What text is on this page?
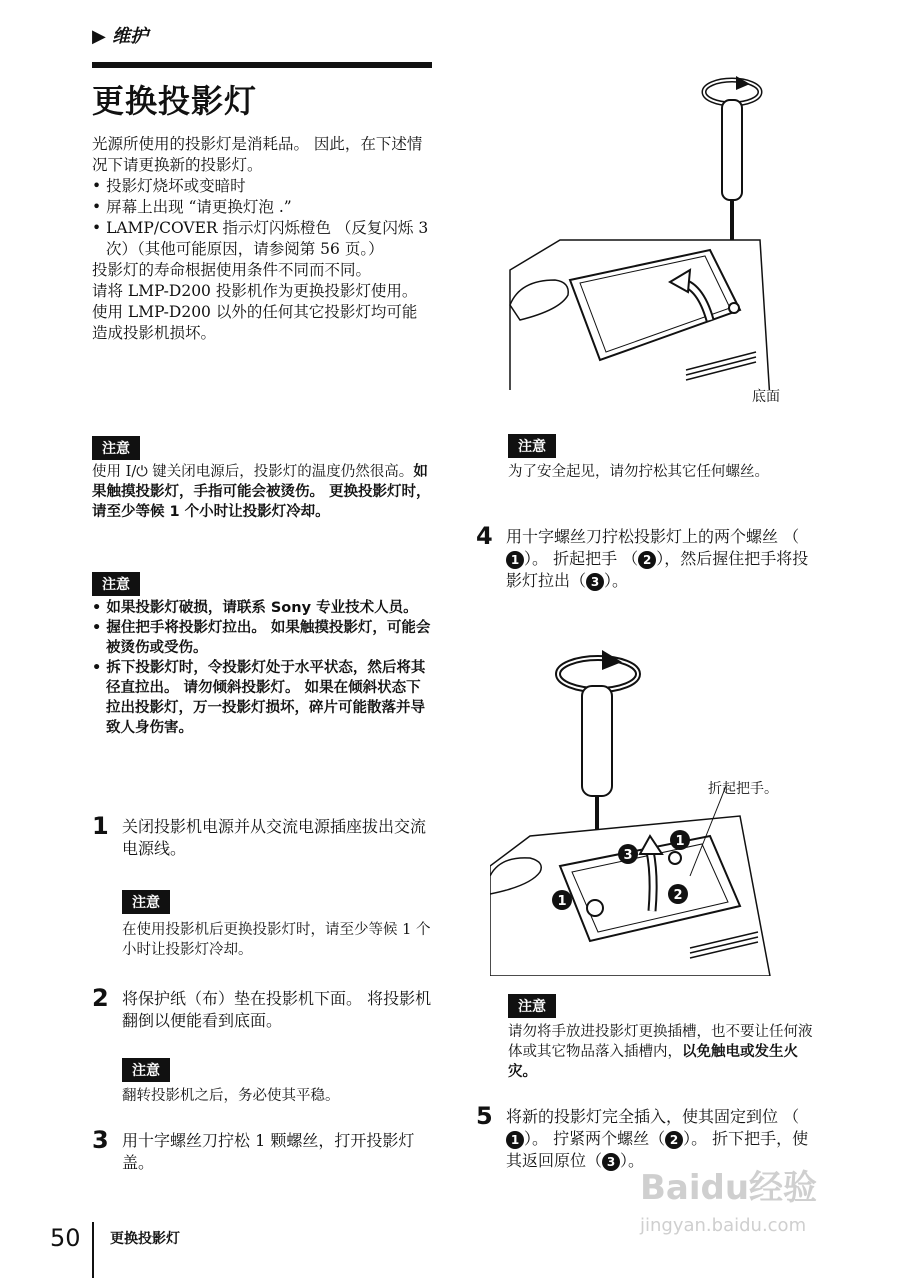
▶ 维护
更换投影灯
光源所使用的投影灯是消耗品。 因此，在下述情况下请更换新的投影灯。
• 投影灯烧坏或变暗时
• 屏幕上出现 “请更换灯泡 .”
• LAMP/COVER 指示灯闪烁橙色 （反复闪烁 3 次）（其他可能原因，请参阅第 56 页。）
投影灯的寿命根据使用条件不同而不同。
请将 LMP-D200 投影机作为更换投影灯使用。
使用 LMP-D200 以外的任何其它投影灯均可能造成投影机损坏。
注意
使用 I/⏻ 键关闭电源后，投影灯的温度仍然很高。如果触摸投影灯，手指可能会被烫伤。 更换投影灯时，请至少等候 1 个小时让投影灯冷却。
注意
• 如果投影灯破损，请联系 Sony 专业技术人员。
• 握住把手将投影灯拉出。 如果触摸投影灯，可能会被烫伤或受伤。
• 拆下投影灯时，令投影灯处于水平状态，然后将其径直拉出。 请勿倾斜投影灯。 如果在倾斜状态下拉出投影灯，万一投影灯损坏，碎片可能散落并导致人身伤害。
1 关闭投影机电源并从交流电源插座拔出交流电源线。
注意
在使用投影机后更换投影灯时，请至少等候 1 个小时让投影灯冷却。
2 将保护纸（布）垫在投影机下面。 将投影机翻倒以便能看到底面。
注意
翻转投影机之后，务必使其平稳。
3 用十字螺丝刀拧松 1 颗螺丝，打开投影灯盖。
底面
注意
为了安全起见，请勿拧松其它任何螺丝。
4 用十字螺丝刀拧松投影灯上的两个螺丝 （1 ）。 折起把手 （ 2 ），然后握住把手将投影灯拉出（ 3 ）。
3
1
2
1
折起把手。
注意
请勿将手放进投影灯更换插槽，也不要让任何液体或其它物品落入插槽内，以免触电或发生火灾。
5 将新的投影灯完全插入，使其固定到位 （1 ）。 拧紧两个螺丝（ 2 ）。 折下把手，使其返回原位（ 3 ）。
Baidu经验
jingyan.baidu.com
50 更换投影灯
